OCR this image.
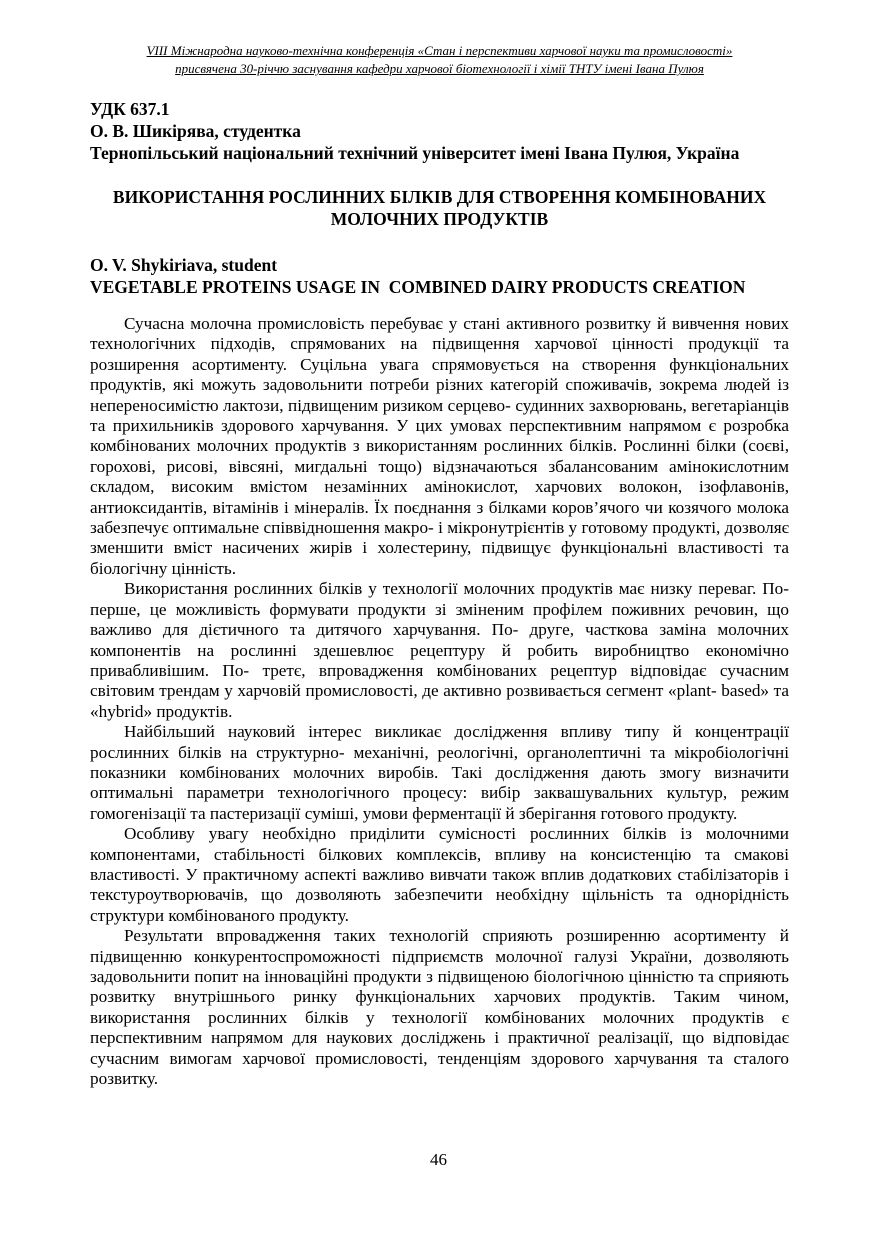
VIII Міжнародна науково-технічна конференція «Стан і перспективи харчової науки та промисловості»
присвячена 30-річчю заснування кафедри харчової біотехнології і хімії ТНТУ імені Івана Пулюя
УДК 637.1
О. В. Шикірява, студентка
Тернопільський національний технічний університет імені Івана Пулюя, Україна
ВИКОРИСТАННЯ РОСЛИННИХ БІЛКІВ ДЛЯ СТВОРЕННЯ КОМБІНОВАНИХ МОЛОЧНИХ ПРОДУКТІВ
O. V. Shykiriava, student
VEGETABLE PROTEINS USAGE IN  COMBINED DAIRY PRODUCTS CREATION

Сучасна молочна промисловість перебуває у стані активного розвитку й вивчення нових технологічних підходів, спрямованих на підвищення харчової цінності продукції та розширення асортименту. Суцільна увага спрямовується на створення функціональних продуктів, які можуть задовольнити потреби різних категорій споживачів, зокрема людей із непереносимістю лактози, підвищеним ризиком серцево- судинних захворювань, вегетаріанців та прихильників здорового харчування. У цих умовах перспективним напрямом є розробка комбінованих молочних продуктів з використанням рослинних білків. Рослинні білки (соєві, горохові, рисові, вівсяні, мигдальні тощо) відзначаються збалансованим амінокислотним складом, високим вмістом незамінних амінокислот, харчових волокон, ізофлавонів, антиоксидантів, вітамінів і мінералів. Їх поєднання з білками коров’ячого чи козячого молока забезпечує оптимальне співвідношення макро- і мікронутрієнтів у готовому продукті, дозволяє зменшити вміст насичених жирів і холестерину, підвищує функціональні властивості та біологічну цінність.

Використання рослинних білків у технології молочних продуктів має низку переваг. По- перше, це можливість формувати продукти зі зміненим профілем поживних речовин, що важливо для дієтичного та дитячого харчування. По- друге, часткова заміна молочних компонентів на рослинні здешевлює рецептуру й робить виробництво економічно привабливішим. По- третє, впровадження комбінованих рецептур відповідає сучасним світовим трендам у харчовій промисловості, де активно розвивається сегмент «plant- based» та «hybrid» продуктів.

Найбільший науковий інтерес викликає дослідження впливу типу й концентрації рослинних білків на структурно- механічні, реологічні, органолептичні та мікробіологічні показники комбінованих молочних виробів. Такі дослідження дають змогу визначити оптимальні параметри технологічного процесу: вибір заквашувальних культур, режим гомогенізації та пастеризації суміші, умови ферментації й зберігання готового продукту.

Особливу увагу необхідно приділити сумісності рослинних білків із молочними компонентами, стабільності білкових комплексів, впливу на консистенцію та смакові властивості. У практичному аспекті важливо вивчати також вплив додаткових стабілізаторів і текстуроутворювачів, що дозволяють забезпечити необхідну щільність та однорідність структури комбінованого продукту.

Результати впровадження таких технологій сприяють розширенню асортименту й підвищенню конкурентоспроможності підприємств молочної галузі України, дозволяють задовольнити попит на інноваційні продукти з підвищеною біологічною цінністю та сприяють розвитку внутрішнього ринку функціональних харчових продуктів. Таким чином, використання рослинних білків у технології комбінованих молочних продуктів є перспективним напрямом для наукових досліджень і практичної реалізації, що відповідає сучасним вимогам харчової промисловості, тенденціям здорового харчування та сталого розвитку.

46
